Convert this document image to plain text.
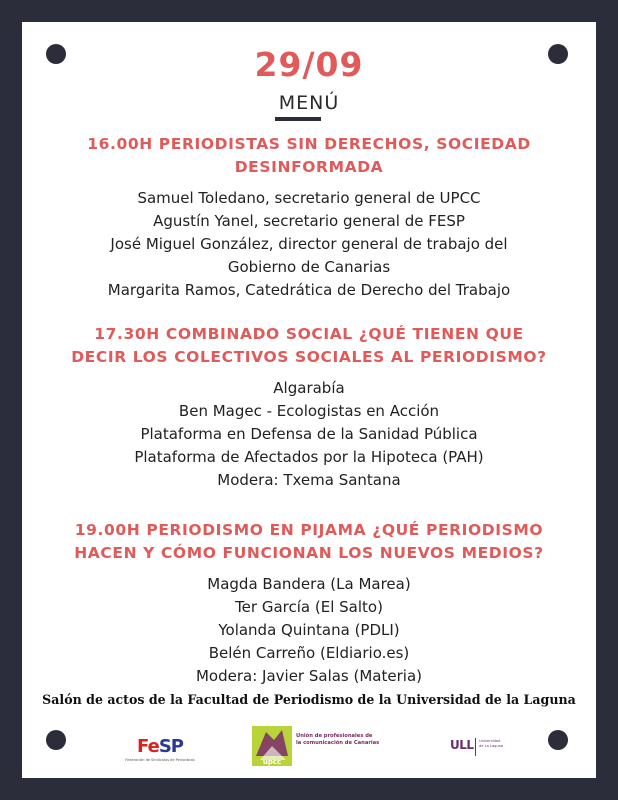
29/09
MENÚ
16.00H PERIODISTAS SIN DERECHOS, SOCIEDAD
DESINFORMADA
Samuel Toledano, secretario general de UPCC
Agustín Yanel, secretario general de FESP
José Miguel González, director general de trabajo del
Gobierno de Canarias
Margarita Ramos, Catedrática de Derecho del Trabajo
17.30H COMBINADO SOCIAL ¿QUÉ TIENEN QUE
DECIR LOS COLECTIVOS SOCIALES AL PERIODISMO?
Algarabía
Ben Magec - Ecologistas en Acción
Plataforma en Defensa de la Sanidad Pública
Plataforma de Afectados por la Hipoteca (PAH)
Modera: Txema Santana
19.00H PERIODISMO EN PIJAMA ¿QUÉ PERIODISMO
HACEN Y CÓMO FUNCIONAN LOS NUEVOS MEDIOS?
Magda Bandera (La Marea)
Ter García (El Salto)
Yolanda Quintana (PDLI)
Belén Carreño (Eldiario.es)
Modera: Javier Salas (Materia)
Salón de actos de la Facultad de Periodismo de la Universidad de la Laguna
FeSP
Federación de Sindicatos de Periodistas	upcc
Unión de profesionales de
la comunicación de Canarias	ULL Universidad
de La Laguna
